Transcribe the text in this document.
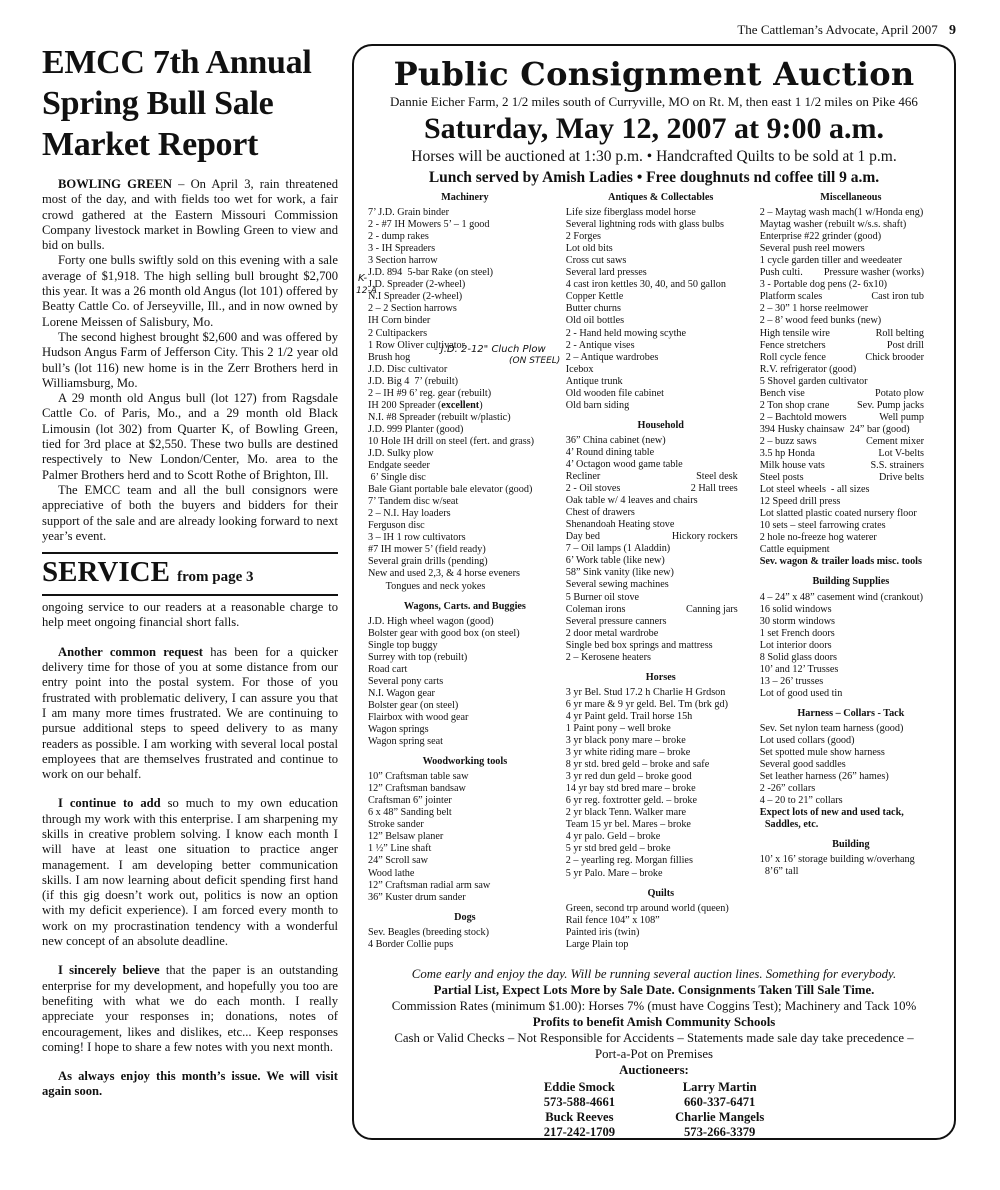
The Cattleman’s Advocate, April 2007 9
EMCC 7th Annual Spring Bull Sale Market Report

BOWLING GREEN – On April 3, rain threatened most of the day, and with fields too wet for work, a fair crowd gathered at the Eastern Missouri Commission Company livestock market in Bowling Green to view and bid on bulls.

Forty one bulls swiftly sold on this evening with a sale average of $1,918. The high selling bull brought $2,700 this year. It was a 26 month old Angus (lot 101) offered by Beatty Cattle Co. of Jerseyville, Ill., and in now owned by Lorene Meissen of Salisbury, Mo.

The second highest brought $2,600 and was offered by Hudson Angus Farm of Jefferson City. This 2 1/2 year old bull’s (lot 116) new home is in the Zerr Brothers herd in Williamsburg, Mo.

A 29 month old Angus bull (lot 127) from Ragsdale Cattle Co. of Paris, Mo., and a 29 month old Black Limousin (lot 302) from Quarter K, of Bowling Green, tied for 3rd place at $2,550. These two bulls are destined respectively to New London/Center, Mo. area to the Palmer Brothers herd and to Scott Rothe of Brighton, Ill.

The EMCC team and all the bull consignors were appreciative of both the buyers and bidders for their support of the sale and are already looking forward to next year’s event.

SERVICE from page 3

ongoing service to our readers at a reasonable charge to help meet ongoing financial short falls.

Another common request has been for a quicker delivery time for those of you at some distance from our entry point into the postal system. For those of you frustrated with problematic delivery, I can assure you that I am many more times frustrated. We are continuing to pursue additional steps to speed delivery to as many readers as possible. I am working with several local postal employees that are themselves frustrated and continue to work on our behalf.

I continue to add so much to my own education through my work with this enterprise. I am sharpening my skills in creative problem solving. I know each month I will have at least one situation to practice anger management. I am developing better communication skills. I am now learning about deficit spending first hand (if this gig doesn’t work out, politics is now an option with my deficit experience). I am forced every month to work on my procrastination tendency with a wonderful new concept of an absolute deadline.

I sincerely believe that the paper is an outstanding enterprise for my development, and hopefully you too are benefiting with what we do each month. I really appreciate your responses in; donations, notes of encouragement, likes and dislikes, etc... Keep responses coming! I hope to share a few notes with you next month.

As always enjoy this month’s issue. We will visit again soon.

Public Consignment Auction
Dannie Eicher Farm, 2 1/2 miles south of Curryville, MO on Rt. M, then east 1 1/2 miles on Pike 466
Saturday, May 12, 2007 at 9:00 a.m.
Horses will be auctioned at 1:30 p.m. • Handcrafted Quilts to be sold at 1 p.m.
Lunch served by Amish Ladies • Free doughnuts nd coffee till 9 a.m.
Machinery
7’ J.D. Grain binder
2 - #7 IH Mowers 5’ – 1 good
2 - dump rakes
3 - IH Spreaders
3 Section harrow
J.D. 894  5-bar Rake (on steel)
J.D. Spreader (2-wheel)
N.I Spreader (2-wheel)
2 – 2 Section harrows
IH Corn binder
2 Cultipackers
1 Row Oliver cultivator
Brush hog
J.D. Disc cultivator
J.D. Big 4  7’ (rebuilt)
2 – IH #9 6’ reg. gear (rebuilt)
IH 200 Spreader (excellent)
N.I. #8 Spreader (rebuilt w/plastic)
J.D. 999 Planter (good)
10 Hole IH drill on steel (fert. and grass)
J.D. Sulky plow
Endgate seeder
6’ Single disc
Bale Giant portable bale elevator (good)
7’ Tandem disc w/seat
2 – N.I. Hay loaders
Ferguson disc
3 – IH 1 row cultivators
#7 IH mower 5’ (field ready)
Several grain drills (pending)
New and used 2,3, & 4 horse eveners
Tongues and neck yokes
Wagons, Carts. and Buggies
J.D. High wheel wagon (good)
Bolster gear with good box (on steel)
Single top buggy
Surrey with top (rebuilt)
Road cart
Several pony carts
N.I. Wagon gear
Bolster gear (on steel)
Flairbox with wood gear
Wagon springs
Wagon spring seat
Woodworking tools
10” Craftsman table saw
12” Craftsman bandsaw
Craftsman 6” jointer
6 x 48” Sanding belt
Stroke sander
12” Belsaw planer
1 ½” Line shaft
24” Scroll saw
Wood lathe
12” Craftsman radial arm saw
36” Kuster drum sander
Dogs
Sev. Beagles (breeding stock)
4 Border Collie pups
Antiques & Collectables
Life size fiberglass model horse
Several lightning rods with glass bulbs
2 Forges
Lot old bits
Cross cut saws
Several lard presses
4 cast iron kettles 30, 40, and 50 gallon
Copper Kettle
Butter churns
Old oil bottles
2 - Hand held mowing scythe
2 - Antique vises
2 – Antique wardrobes
Icebox
Antique trunk
Old wooden file cabinet
Old barn siding
Household
36” China cabinet (new)
4’ Round dining table
4’ Octagon wood game table
Recliner	Steel desk
2 - Oil stoves	2 Hall trees
Oak table w/ 4 leaves and chairs
Chest of drawers
Shenandoah Heating stove
Day bed	Hickory rockers
7 – Oil lamps (1 Aladdin)
6’ Work table (like new)
58” Sink vanity (like new)
Several sewing machines
5 Burner oil stove
Coleman irons	Canning jars
Several pressure canners
2 door metal wardrobe
Single bed box springs and mattress
2 – Kerosene heaters
Horses
3 yr Bel. Stud 17.2 h Charlie H Grdson
6 yr mare & 9 yr geld. Bel. Tm (brk gd)
4 yr Paint geld. Trail horse 15h
1 Paint pony – well broke
3 yr black pony mare – broke
3 yr white riding mare – broke
8 yr std. bred geld – broke and safe
3 yr red dun geld – broke good
14 yr bay std bred mare – broke
6 yr reg. foxtrotter geld. – broke
2 yr black Tenn. Walker mare
Team 15 yr bel. Mares – broke
4 yr palo. Geld – broke
5 yr std bred geld – broke
2 – yearling reg. Morgan fillies
5 yr Palo. Mare – broke
Quilts
Green, second trp around world (queen)
Rail fence 104” x 108”
Painted iris (twin)
Large Plain top
Miscellaneous
2 – Maytag wash mach(1 w/Honda eng)
Maytag washer (rebuilt w/s.s. shaft)
Enterprise #22 grinder (good)
Several push reel mowers
1 cycle garden tiller and weedeater
Push culti. Pressure washer (works)
3 - Portable dog pens (2- 6x10)
Platform scales	Cast iron tub
2 – 30” 1 horse reelmower
2 – 8’ wood feed bunks (new)
High tensile wire	Roll belting
Fence stretchers	Post drill
Roll cycle fence	Chick brooder
R.V. refrigerator (good)
5 Shovel garden cultivator
Bench vise	Potato plow
2 Ton shop crane	Sev. Pump jacks
2 – Bachtold mowers	Well pump
394 Husky chainsaw  24” bar (good)
2 – buzz saws	Cement mixer
3.5 hp Honda	Lot V-belts
Milk house vats	S.S. strainers
Steel posts	Drive belts
Lot steel wheels  - all sizes
12 Speed drill press
Lot slatted plastic coated nursery floor
10 sets – steel farrowing crates
2 hole no-freeze hog waterer
Cattle equipment
Sev. wagon & trailer loads misc. tools
Building Supplies
4 – 24” x 48” casement wind (crankout)
16 solid windows
30 storm windows
1 set French doors
Lot interior doors
8 Solid glass doors
10’ and 12’ Trusses
13 – 26’ trusses
Lot of good used tin
Harness – Collars - Tack
Sev. Set nylon team harness (good)
Lot used collars (good)
Set spotted mule show harness
Several good saddles
Set leather harness (26” hames)
2 -26” collars
4 – 20 to 21” collars
Expect lots of new and used tack,
Saddles, etc.
Building
10’ x 16’ storage building w/overhang
8’6” tall
K-
12-A
- J.D. 2-12" Cluch Plow
(ON STEEL)
Come early and enjoy the day. Will be running several auction lines. Something for everybody.
Partial List, Expect Lots More by Sale Date. Consignments Taken Till Sale Time.
Commission Rates (minimum $1.00): Horses 7% (must have Coggins Test); Machinery and Tack 10%
Profits to benefit Amish Community Schools
Cash or Valid Checks – Not Responsible for Accidents – Statements made sale day take precedence –
Port-a-Pot on Premises
Auctioneers:
Eddie Smock
573-588-4661
Buck Reeves
217-242-1709
Larry Martin
660-337-6471
Charlie Mangels
573-266-3379
